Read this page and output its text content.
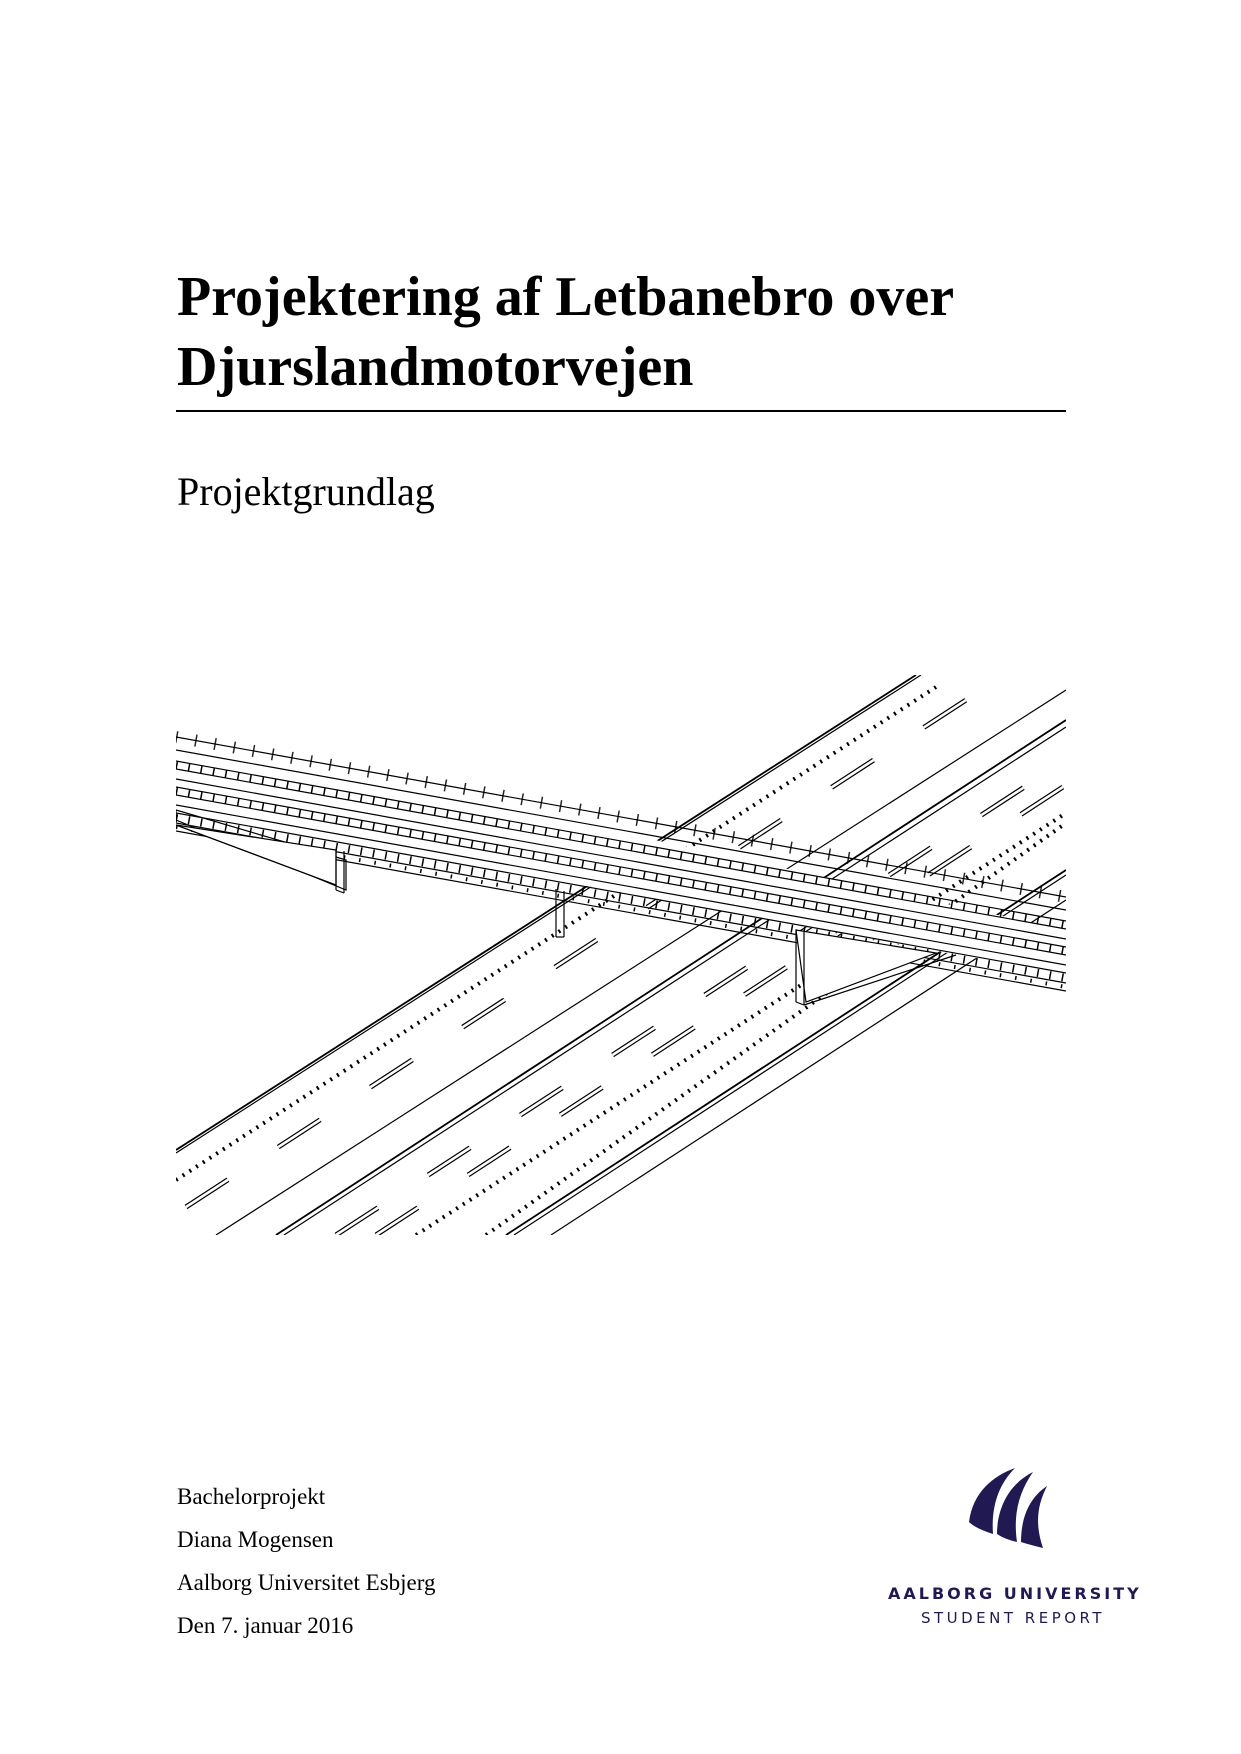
Projektering af Letbanebro over
Djurslandmotorvejen
Projektgrundlag
Bachelorprojekt
Diana Mogensen
Aalborg Universitet Esbjerg
Den 7. januar 2016
AALBORG UNIVERSITY
STUDENT REPORT
